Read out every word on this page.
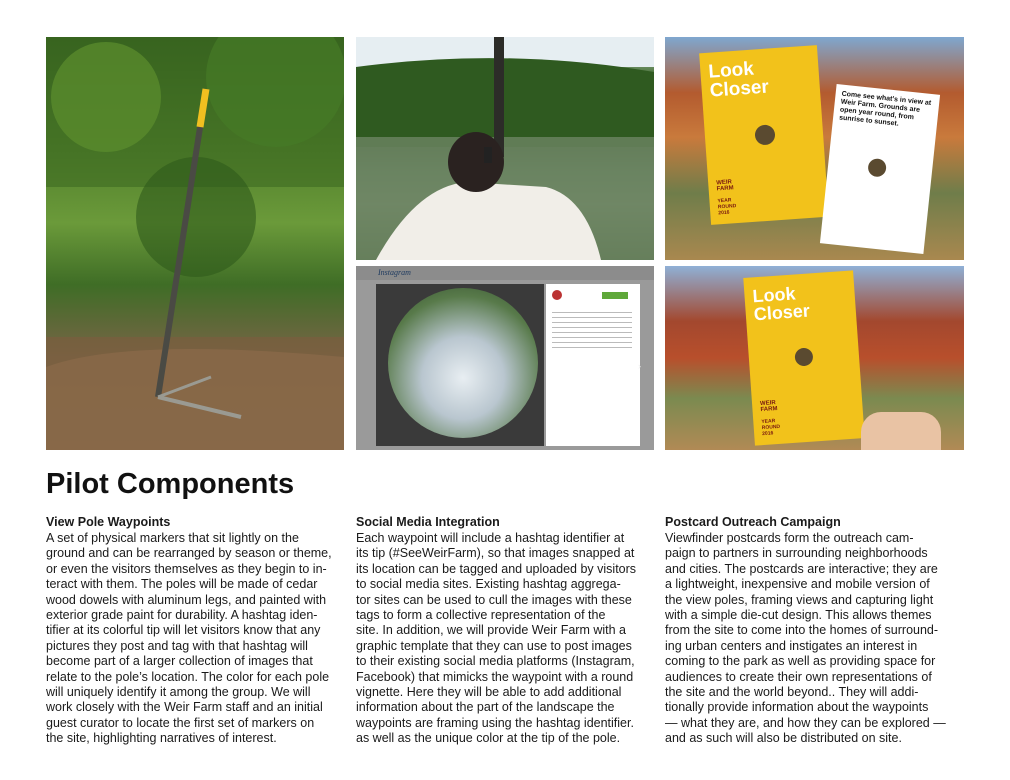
Instagram
›
Look
Closer
WEIR
FARM
YEAR
ROUND
2016
Come see what’s in view at Weir Farm. Grounds are open year round, from sunrise to sunset.
Look
Closer
WEIR
FARM
YEAR
ROUND
2016
Pilot Components
View Pole Waypoints

A set of physical markers that sit lightly on the
ground and can be rearranged by season or theme,
or even the visitors themselves as they begin to in-
teract with them. The poles will be made of cedar
wood dowels with aluminum legs, and painted with
exterior grade paint for durability. A hashtag iden-
tifier at its colorful tip will let visitors know that any
pictures they post and tag with that hashtag will
become part of a larger collection of images that
relate to the pole’s location. The color for each pole
will uniquely identify it among the group. We will
work closely with the Weir Farm staff and an initial
guest curator to locate the first set of markers on
the site, highlighting narratives of interest.

Social Media Integration

Each waypoint will include a hashtag identifier at
its tip (#SeeWeirFarm), so that images snapped at
its location can be tagged and uploaded by visitors
to social media sites. Existing hashtag aggrega-
tor sites can be used to cull the images with these
tags to form a collective representation of the
site. In addition, we will provide Weir Farm with a
graphic template that they can use to post images
to their existing social media platforms (Instagram,
Facebook) that mimicks the waypoint with a round
vignette. Here they will be able to add additional
information about the part of the landscape the
waypoints are framing using the hashtag identifier.
as well as the unique color at the tip of the pole.

Postcard Outreach Campaign

Viewfinder postcards form the outreach cam-
paign to partners in surrounding neighborhoods
and cities. The postcards are interactive; they are
a lightweight, inexpensive and mobile version of
the view poles, framing views and capturing light
with a simple die-cut design. This allows themes
from the site to come into the homes of surround-
ing urban centers and instigates an interest in
coming to the park as well as providing space for
audiences to create their own representations of
the site and the world beyond.. They will addi-
tionally provide information about the waypoints
— what they are, and how they can be explored —
and as such will also be distributed on site.
